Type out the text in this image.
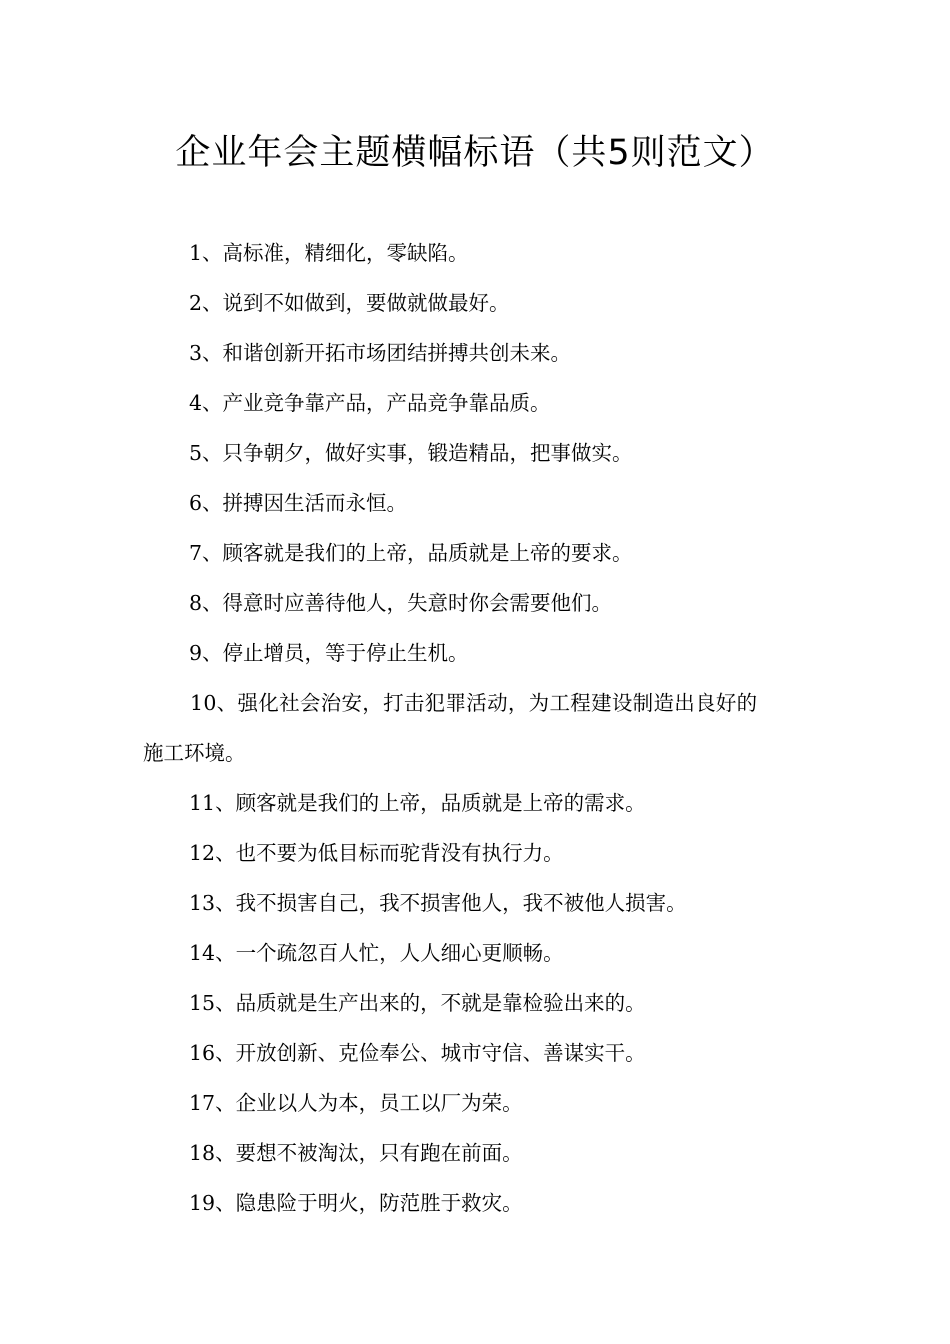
企业年会主题横幅标语（共5则范文）
1、高标准，精细化，零缺陷。
2、说到不如做到，要做就做最好。
3、和谐创新开拓市场团结拼搏共创未来。
4、产业竞争靠产品，产品竞争靠品质。
5、只争朝夕，做好实事，锻造精品，把事做实。
6、拼搏因生活而永恒。
7、顾客就是我们的上帝，品质就是上帝的要求。
8、得意时应善待他人，失意时你会需要他们。
9、停止增员，等于停止生机。
10、强化社会治安，打击犯罪活动，为工程建设制造出良好的
施工环境。
11、顾客就是我们的上帝，品质就是上帝的需求。
12、也不要为低目标而驼背没有执行力。
13、我不损害自己，我不损害他人，我不被他人损害。
14、一个疏忽百人忙，人人细心更顺畅。
15、品质就是生产出来的，不就是靠检验出来的。
16、开放创新、克俭奉公、城市守信、善谋实干。
17、企业以人为本，员工以厂为荣。
18、要想不被淘汰，只有跑在前面。
19、隐患险于明火，防范胜于救灾。
